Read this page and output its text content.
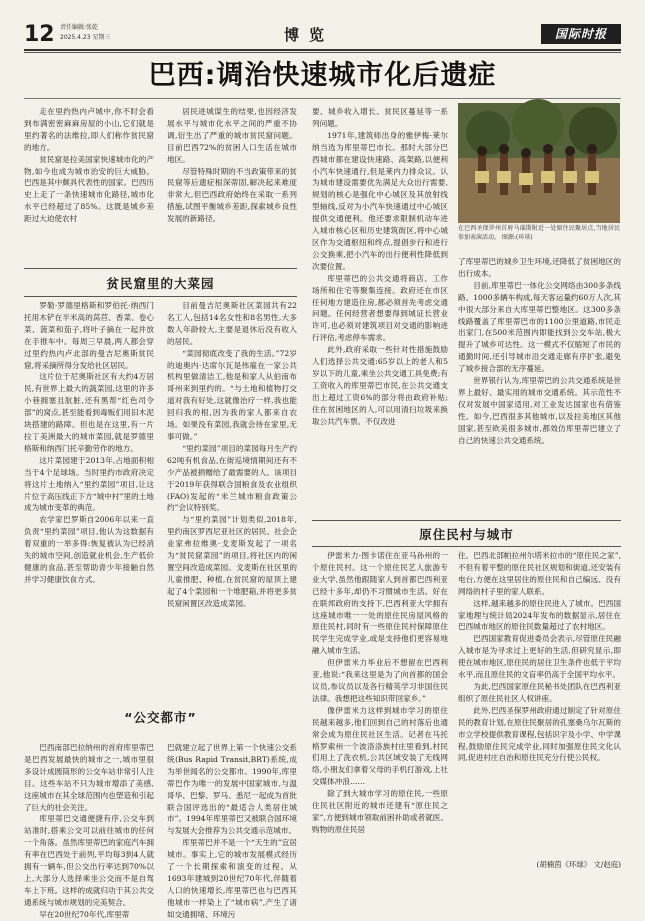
12 责任编辑:张乾
2025.4.23 星期三	博览	国际时报
巴西:调治快速城市化后遗症

走在里约热内卢城中,你不时会看到布满密密麻麻房屋的小山,它们就是里约著名的法维拉,即人们称作贫民窟的地方。

贫民窟是拉美国家快速城市化的产物,如今也成为城市治安的巨大威胁。巴西是其中颇具代表性的国家。巴西历史上走了一条快速城市化路径,城市化水平已经超过了85%。这既是城乡差距过大迫使农村

居民进城谋生的结果,也因经济发展水平与城市化水平之间的严重不协调,衍生出了严重的城市贫民窟问题。目前巴西72%的贫困人口生活在城市地区。

尽管特殊时期的不当政策带来的贫民窟等后遗症根深蒂固,解决起来难度非常大,但巴西政府始终在采取一系列措施,试图平衡城乡差距,探索城乡良性发展的新路径。

要、城乡收入增长、贫民区蔓延等一系列问题。

1971年,建筑师出身的雅伊梅·莱尔纳当选为库里蒂巴市长。那时大部分巴西城市都在建设快速路、高架路,以便利小汽车快速通行,但是莱内力排众议。认为城市建设需要优先满足大众出行需要,规划的核心是强化中心城区及其放射线型轴线,反对为小汽车快速通过中心城区提供交通便利。他还要求限制机动车进入城市核心区和历史建筑街区,将中心城区作为交通枢纽和终点,提倡步行和进行公交换乘,把小汽车的出行便利性降低到次要位置。

库里蒂巴的公共交通将商店、工作场所和住宅等聚集连接。政府还在市区任何地方建造住房,都必须首先考虑交通问题。任何经营者想要得到城证长营业许可,也必须对建筑项目对交通的影响进行评估,考虑停车需求。

此外,政府采取一些针对性措施鼓励人们选择公共交通:65岁以上的老人和5岁以下的儿童,乘坐公共交通工具免费;有工资收入的库里蒂巴市民,在公共交通支出上超过工资6%的部分将由政府补贴;住在贫困地区的人,可以用清扫垃圾来换取公共汽车票。不仅改进

在巴西圣保罗州首府马瑙斯附近一处原住民聚居点,当地居民参加表演活动。 图源:(环球)

了库里蒂巴的城乡卫生环境,还降低了贫困地区的出行成本。

目前,库里蒂巴一体化公交网络由300多条线路、1000多辆车构成,每天客运量约60万人次,其中很大部分来自大库里蒂巴整地区。这300多条线路覆盖了库里蒂巴市的1100公里道路,市民走出家门,在500米范围内即能找到公交车站,极大提升了城乡可达性。这一模式不仅缩短了市民的通勤时间,还引导城市沿交通走廊有序扩张,避免了城乡接合部的无序蔓延。

世界银行认为,库里蒂巴的公共交通系统是世界上最好、最实用的城市交通系统。其示范性不仅对发展中国家适用,对工业发达国家也有借鉴性。如今,巴西很多其他城市,以及拉美地区其他国家,甚至欧美很多城市,都效仿库里蒂巴建立了自己的快速公共交通系统。

贫民窟里的大菜园

罗勒·罗德里格斯和罗伯托·纳西门托用木铲在半米高的莴苣、香菜、卷心菜、菠菜和茄子,将叶子摘在一起并放在手推车中。每周三早晨,两人都会穿过里约热内卢北部的曼吉尼奥斯贫民窟,将采摘所得分发给社区居民。

这片位于尼奥斯社区有大约4万居民,有世界上最大的蔬菜园,这里的许多小巷拥塞且肮脏,还有黑帮“红色司令部”的窝点,甚至能看到毒贩们用旧木泥块搭建的路障。但也是在这里,有一片拉丁美洲最大的城市菜园,就是罗德里格斯和纳西门托辛勤劳作的地方。

这片菜园建于2013年,占地面积相当于4个足球场。当时里约市政府决定将这片土地纳入“里约菜园”项目,让这片位于高压线正下方“城中村”里的土地成为城市变革的典范。

农学家巴罗斯自2006年以来一直负责“里约菜园”项目,他认为这数据有着双重的一举多得:恢复被认为已经消失的城市空间,创造就业机会,生产低价健康的食品,甚至帮助青少年接触自然并学习健康饮食方式。

目前曼吉尼奥斯社区菜园共有22名工人,包括14名女性和8名男性,大多数人年龄较大,主要是退休后没有收入的居民。

“菜园彻底改变了我的生活。”72岁的迪奥内·达席尔瓦是伟雇在一家公共机构里做清洁工,他是和家人从伯南布哥州来到里约的。“与土地和植物打交道对我有好处,这就像治疗一样,我也能回归我的根,因为我的家人都来自农场。如果没有菜园,我就会待在家里,无事可做。”

“里约菜园”项目的菜园每月生产约62吨有机食品,在街巡境情期间还有不少产品被捐赠给了最需要的人。该项目于2019年获得联合国粮食及农业组织(FAO)发起的“米兰城市粮食政策公约”会议特别奖。

与“里约菜园”计划类似,2018年,里约南区罗西尼亚社区的居民、社会企业家弗拉维奥·戈麦斯发起了一项名为“贫民窟菜园”的项目,将社区内的闲置空间改造成菜园。戈麦斯在社区里的儿童推肥、种植,在贫民窟的屋顶上建起了4个菜园和一个堆肥箱,并将更多贫民窟闲置区改造成菜园。

“公交都市”

巴西南部巴拉纳州的首府库里蒂巴是巴西发展最快的城市之一,城市里很多设计成圆筒形的公交车站非常引人注目。这些车站不只为城市增添了美感,这座城市在其全球范围内也塑造和引起了巨大的社会关注。

库里蒂巴交通便捷有序,公交车到站准时,搭乘公交可以前往城市的任何一个角落。虽然库里蒂巴的家庭汽车拥有率在巴西处于前列,平均每3到4人就拥有一辆车,但公交出行率达到70%以上,大部分人选择乘坐公交而不是自驾车上下班。这样的成就归功于其公共交通系统与城市规划的完美契合。

早在20世纪70年代,库里蒂

巴就建立起了世界上第一个快速公交系统(Bus Rapid Transit,BRT)系统,成为举世闻名的公交都市。1990年,库里蒂巴作为唯一的发展中国家城市,与温哥华、巴黎、罗马、悉尼一起成为首批联合国评选出的“最适合人类居住城市”。1994年库里蒂巴又被联合国环境与发展大会推荐为公共交通示范城市。

库里蒂巴并不是一个“天生的”宜居城市。事实上,它的城市发展模式经历了一个长期探索和演变的过程。从1693年建城到20世纪70年代,伴随着人口的快速增长,库里蒂巴也与巴西其他城市一样染上了“城市病”,产生了诸如交通拥堵、环境污

原住民村与城市

伊雷米力·图卡诺住在亚马孙州的一个原住民村。这一个原住民艺人旅游专业大学,虽然他跟随家人到首都巴西利亚已经十多年,却仍不习惯城市生活。好在在联邦政府的支持下,巴西利亚大学拥有这座城市唯一一处的原住民房屋风格的原住民村,同时有一些原住民村保障原住民学生完成学业,或是支持他们更容易地融入城市生活。

但伊雷米力毕业后不想留在巴西利亚,他说:“我来这里是为了向首都的国会议员,参议员以及各行精英学习非国住民法律。我想把这些知识带回家乡。”

像伊雷米力这样到城市学习的原住民越来越多,他们回到自己的村落后也通常会成为原住民社区生活。记者在马托格罗索州一个波洛洛族村庄里看到,村民们用上了洗衣机,公共区域安装了无线网络,小朋友们拿着父母的手机打游戏,上社交媒体冲浪……

除了到大城市学习的原住民,一些原住民社区附近的城市还建有“原住民之家”,方便到城市领取前困补助或者就医、购物的原住民居

住。巴西北部帕拉州尔塔米拉市的“原住民之家”,不但有着平整的原住民社区规划和街道,还安装有电台,方便在这里居住的原住民和自己编远、没有网络的村子里的家人联系。

这样,越来越多的原住民进入了城市。巴西国家地理与统计局2024年发布的数据显示,居住在巴西城市地区的原住民数量超过了农村地区。

巴西国家教育促进委员会表示,尽管原住民融入城市是为寻求过上更好的生活,但研究显示,即使在城市地区,原住民的居住卫生条件也低于平均水平,而且原住民的文盲率仍高于全国平均水平。

为此,巴西国家原住民秘书处团队在巴西利亚组织了原住民社区人权讲座。

此外,巴西圣保罗州政府通过制定了针对原住民的教育计划,在原住民聚居的孔塞桑乌尔瓦斯的市立学校提供教育课程,包括识字及小学、中学课程,鼓励原住民完成学业,同时加强原住民文化认同,促进村庄自治和原住民充分行使公民权。

(胡楠茵《环球》 文/赵庭)
